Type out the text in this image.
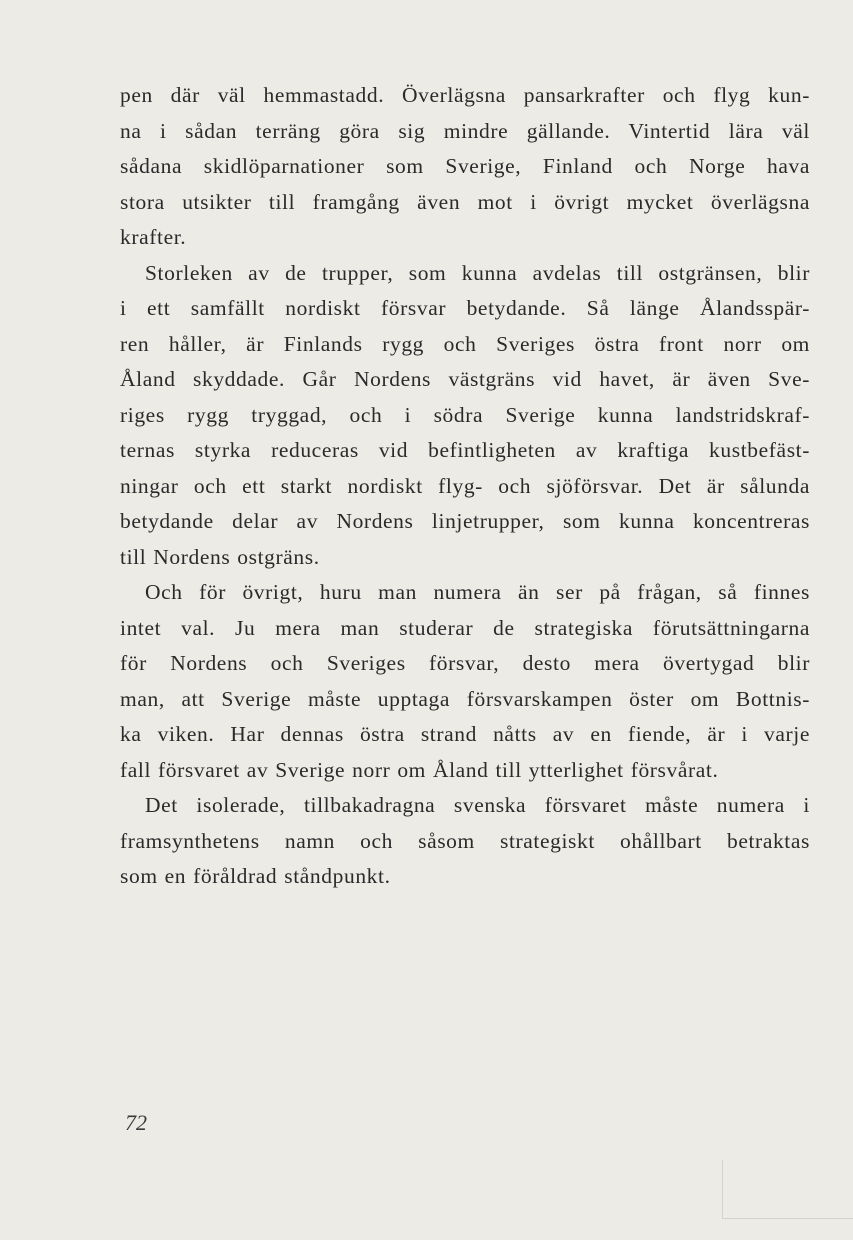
pen där väl hemmastadd. Överlägsna pansarkrafter och flyg kun-
na i sådan terräng göra sig mindre gällande. Vintertid lära väl
sådana skidlöparnationer som Sverige, Finland och Norge hava
stora utsikter till framgång även mot i övrigt mycket överlägsna
krafter.

Storleken av de trupper, som kunna avdelas till ostgränsen, blir
i ett samfällt nordiskt försvar betydande. Så länge Ålandsspär-
ren håller, är Finlands rygg och Sveriges östra front norr om
Åland skyddade. Går Nordens västgräns vid havet, är även Sve-
riges rygg tryggad, och i södra Sverige kunna landstridskraf-
ternas styrka reduceras vid befintligheten av kraftiga kustbefäst-
ningar och ett starkt nordiskt flyg- och sjöförsvar. Det är sålunda
betydande delar av Nordens linjetrupper, som kunna koncentreras
till Nordens ostgräns.

Och för övrigt, huru man numera än ser på frågan, så finnes
intet val. Ju mera man studerar de strategiska förutsättningarna
för Nordens och Sveriges försvar, desto mera övertygad blir
man, att Sverige måste upptaga försvarskampen öster om Bottnis-
ka viken. Har dennas östra strand nåtts av en fiende, är i varje
fall försvaret av Sverige norr om Åland till ytterlighet försvårat.

Det isolerade, tillbakadragna svenska försvaret måste numera i
framsynthetens namn och såsom strategiskt ohållbart betraktas
som en föråldrad ståndpunkt.

72
